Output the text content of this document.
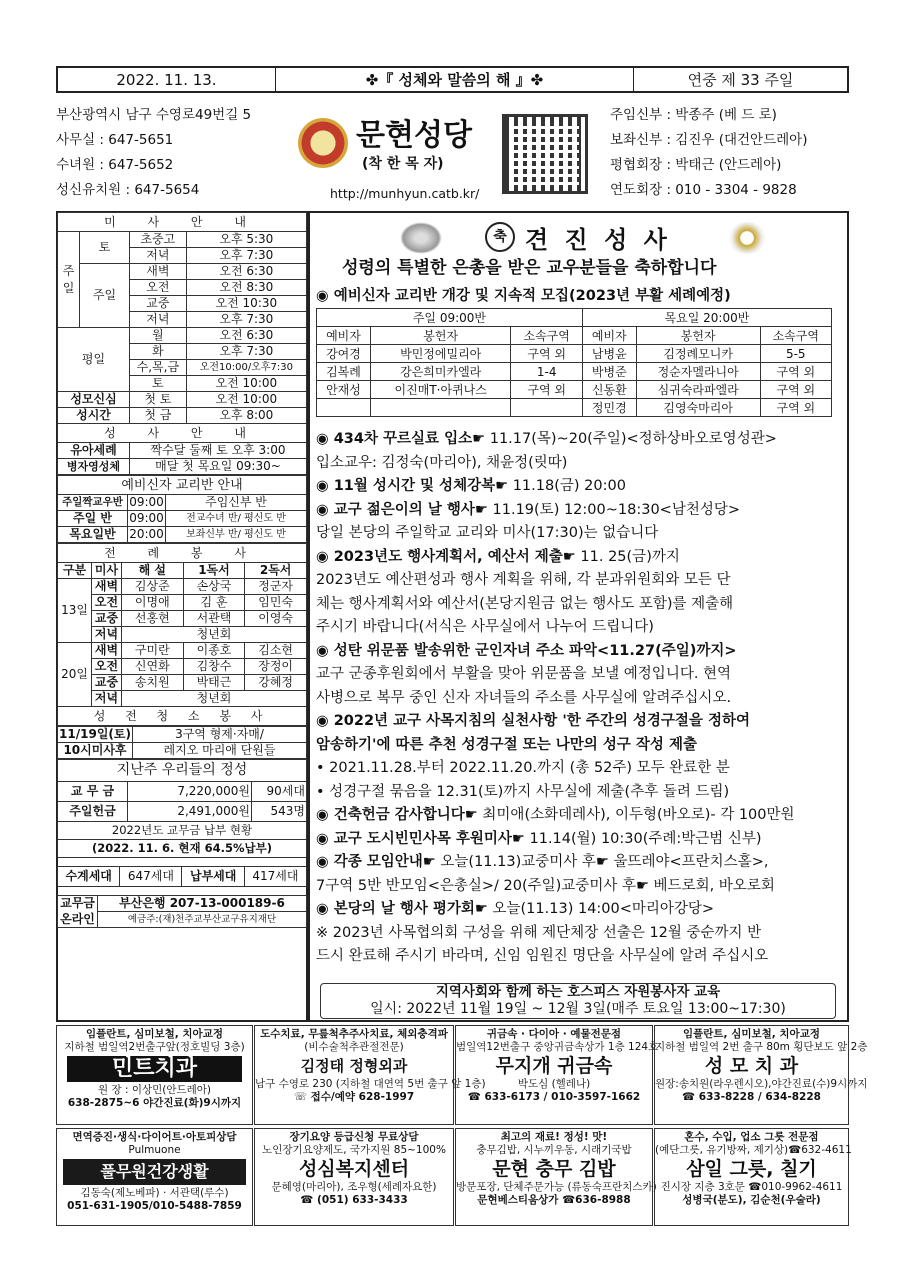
2022. 11. 13.	✤『 성체와 말씀의 해 』✤	연중 제 33 주일
부산광역시 남구 수영로49번길 5
사무실 : 647-5651
수녀원 : 647-5652
성신유치원 : 647-5654
문현성당
(착 한 목 자)
http://munhyun.catb.kr/
주임신부 : 박종주 (베 드 로)
보좌신부 : 김진우 (대건안드레아)
평협회장 : 박태근 (안드레아)
연도회장 : 010 - 3304 - 9828
미 사 안 내			
주일	토	초중고	오후 5:30
		저녁	오후 7:30
	주일	새벽	오전 6:30
		오전	오전 8:30
		교중	오전 10:30
		저녁	오후 7:30
평일		월	오전 6:30
		화	오후 7:30
		수,목,금	오전10:00/오후7:30
		토	오전 10:00
성모신심		첫 토	오전 10:00
성시간		첫 금	오후 8:00
성 사 안 내			
유아세례		짝수달 둘째 토 오후 3:00	
병자영성체		매달 첫 목요일 09:30~	
예비신자 교리반 안내		
주일짝교우반	09:00	주임신부 반
주일 반	09:00	전교수녀 반/ 평신도 반
목요일반	20:00	보좌신부 반/ 평신도 반
전 례 봉 사				
구분	미사	해 설	1독서	2독서
13일	새벽	김상준	손상국	정군자
	오전	이명애	김 훈	임민숙
	교중	선홍현	서관택	이영숙
	저녁	청년회		
20일	새벽	구미란	이종호	김소현
	오전	신연화	김창수	장정이
	교중	송치원	박태근	강혜정
	저녁	청년회		
성 전 청 소 봉 사				
11/19일(토)	3구역 형제·자매/
10시미사후	레지오 마리애 단원들
지난주 우리들의 정성		
교 무 금	7,220,000원	90세대
주일헌금	2,491,000원	543명
2022년도 교무금 납부 현황		
(2022. 11. 6. 현재 64.5%납부)		
수계세대	647세대	납부세대	417세대
교무금	부산은행 207-13-000189-6
온라인	예금주:(재)천주교부산교구유지재단
축 견 진 성 사
성령의 특별한 은총을 받은 교우분들을 축하합니다
◉ 예비신자 교리반 개강 및 지속적 모집(2023년 부활 세례예정)
주일 09:00반			목요일 20:00반		
예비자	봉헌자	소속구역	예비자	봉헌자	소속구역
강여경	박민정에밀리아	구역 외	남병윤	김정례모니카	5-5
김복례	강은희미카엘라	1-4	박병준	정순자멜라니아	구역 외
안재성	이진매T·아퀴나스	구역 외	신동환	심귀숙라파엘라	구역 외
			정민경	김영숙마리아	구역 외
◉ 434차 꾸르실료 입소☛ 11.17(목)~20(주일)<정하상바오로영성관>
입소교우: 김정숙(마리아), 채윤정(릿따)
◉ 11월 성시간 및 성체강복☛ 11.18(금) 20:00
◉ 교구 젊은이의 날 행사☛ 11.19(토) 12:00~18:30<남천성당>
당일 본당의 주일학교 교리와 미사(17:30)는 없습니다
◉ 2023년도 행사계획서, 예산서 제출☛ 11. 25(금)까지
2023년도 예산편성과 행사 계획을 위해, 각 분과위원회와 모든 단
체는 행사계획서와 예산서(본당지원금 없는 행사도 포함)를 제출해
주시기 바랍니다(서식은 사무실에서 나누어 드립니다)
◉ 성탄 위문품 발송위한 군인자녀 주소 파악<11.27(주일)까지>
교구 군종후원회에서 부활을 맞아 위문품을 보낼 예정입니다. 현역
사병으로 복무 중인 신자 자녀들의 주소를 사무실에 알려주십시오.
◉ 2022년 교구 사목지침의 실천사항 '한 주간의 성경구절을 정하여
암송하기'에 따른 추천 성경구절 또는 나만의 성구 작성 제출
• 2021.11.28.부터 2022.11.20.까지 (총 52주) 모두 완료한 분
• 성경구절 묶음을 12.31(토)까지 사무실에 제출(추후 돌려 드림)
◉ 건축헌금 감사합니다☛ 최미애(소화데레사), 이두형(바오로)- 각 100만원
◉ 교구 도시빈민사목 후원미사☛ 11.14(월) 10:30(주례:박근범 신부)
◉ 각종 모임안내☛ 오늘(11.13)교중미사 후☛ 울뜨레야<프란치스홀>,
7구역 5반 반모임<은총실>/ 20(주일)교중미사 후☛ 베드로회, 바오로회
◉ 본당의 날 행사 평가회☛ 오늘(11.13) 14:00<마리아강당>
※ 2023년 사목협의회 구성을 위해 제단체장 선출은 12월 중순까지 반
드시 완료해 주시기 바라며, 신임 임원진 명단을 사무실에 알려 주십시오
지역사회와 함께 하는 호스피스 자원봉사자 교육
일시: 2022년 11월 19일 ~ 12월 3일(매주 토요일 13:00~17:30)
임플란트, 심미보철, 치아교정
지하철 범일역2번출구앞(정호빌딩 3층)
민트치과
원 장 : 이상민(안드레아)
638-2875~6 야간진료(화)9시까지
도수치료, 무릎척추주사치료, 체외충격파
(비수술척추관절전문)
김정태 정형외과
남구 수영로 230 (지하철 대연역 5번 출구 앞 1층)
☏ 접수/예약 628-1997
귀금속 · 다이아 · 예물전문점
범일역12번출구 중앙귀금속상가 1층 124호
무지개 귀금속
박도심 (헬레나)
☎ 633-6173 / 010-3597-1662
임플란트, 심미보철, 치아교정
지하철 범일역 2번 출구 80m 횡단보도 앞 2층
성 모 치 과
원장:송치원(라우렌시오),야간진료(수)9시까지
☎ 633-8228 / 634-8228
면역증진·생식·다이어트·아토피상담
Pulmuone
풀무원건강생활
김동숙(제노베파) · 서관택(루수)
051-631-1905/010-5488-7859
장기요양 등급신청 무료상담
노인장기요양제도, 국가지원 85~100%
성심복지센터
문혜영(마리아), 조우형(세례자요한)
☎ (051) 633-3433
최고의 재료! 정성! 맛!
충무김밥, 시누끼우동, 시래기국밥
문현 충무 김밥
방문포장, 단체주문가능 (류동숙프란치스카)
문현베스티움상가 ☎636-8988
혼수, 수입, 업소 그릇 전문점
(예단그릇, 유기방짜, 제기상)☎632-4611
삼일 그릇, 칠기
진시장 지층 3호문 ☎010-9962-4611
성병국(분도), 김순천(우술라)
